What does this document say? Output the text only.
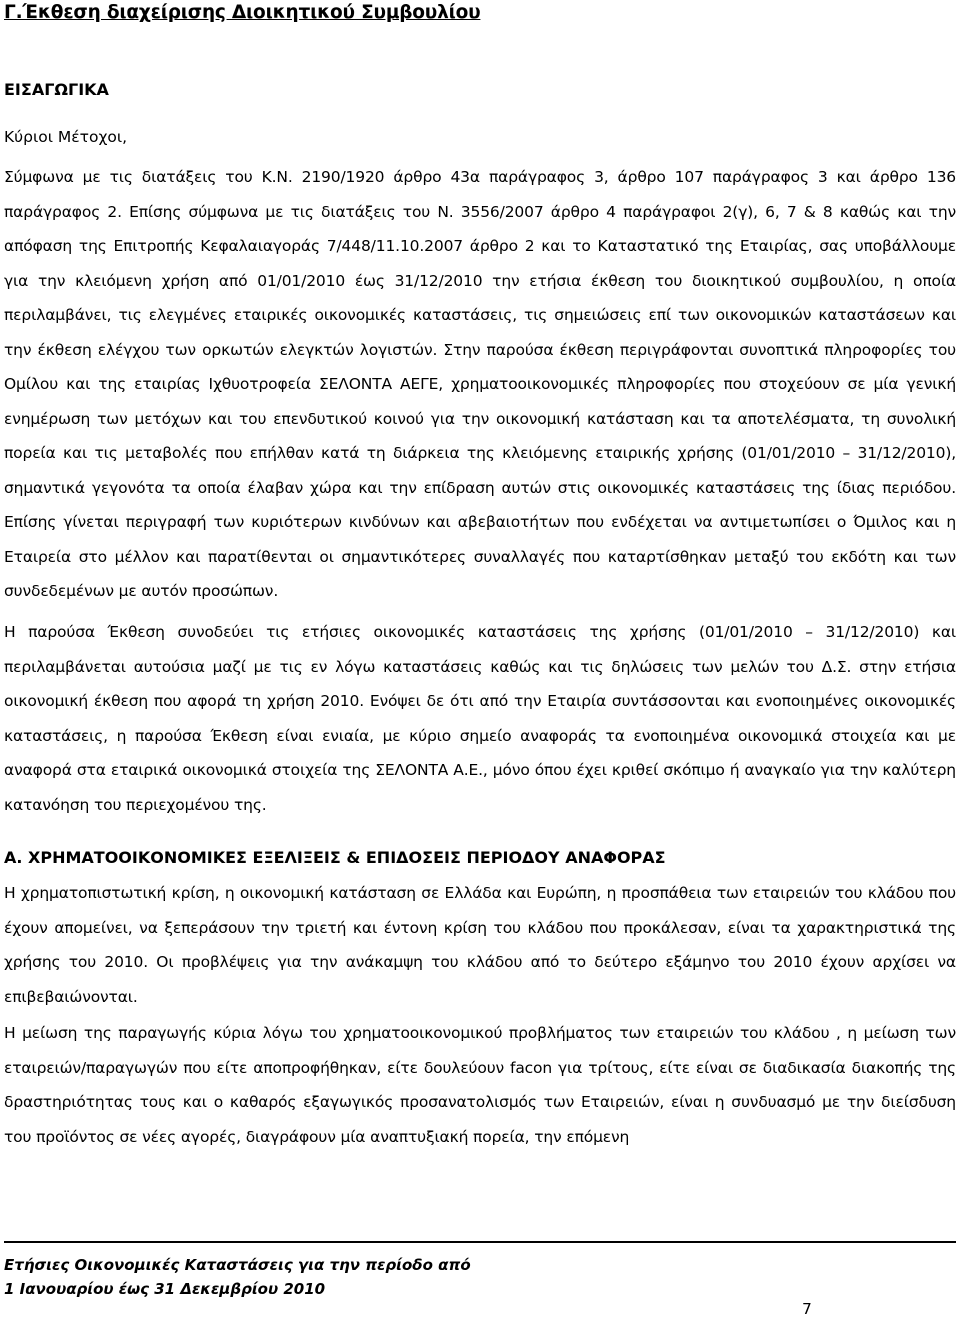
Γ.Έκθεση διαχείρισης Διοικητικού Συμβουλίου
ΕΙΣΑΓΩΓΙΚΑ
Κύριοι Μέτοχοι,

Σύμφωνα με τις διατάξεις του Κ.Ν. 2190/1920 άρθρο 43α παράγραφος 3, άρθρο 107 παράγραφος 3 και άρθρο 136 παράγραφος 2. Επίσης σύμφωνα με τις διατάξεις του Ν. 3556/2007 άρθρο 4 παράγραφοι 2(γ), 6, 7 & 8 καθώς και την απόφαση της Επιτροπής Κεφαλαιαγοράς 7/448/11.10.2007 άρθρο 2 και το Καταστατικό της Εταιρίας, σας υποβάλλουμε για την κλειόμενη χρήση από 01/01/2010 έως 31/12/2010 την ετήσια έκθεση του διοικητικού συμβουλίου, η οποία περιλαμβάνει, τις ελεγμένες εταιρικές οικονομικές καταστάσεις, τις σημειώσεις επί των οικονομικών καταστάσεων και την έκθεση ελέγχου των ορκωτών ελεγκτών λογιστών. Στην παρούσα έκθεση περιγράφονται συνοπτικά πληροφορίες του Ομίλου και της εταιρίας Ιχθυοτροφεία ΣΕΛΟΝΤΑ ΑΕΓΕ, χρηματοοικονομικές πληροφορίες που στοχεύουν σε μία γενική ενημέρωση των μετόχων και του επενδυτικού κοινού για την οικονομική κατάσταση και τα αποτελέσματα, τη συνολική πορεία και τις μεταβολές που επήλθαν κατά τη διάρκεια της κλειόμενης εταιρικής χρήσης (01/01/2010 – 31/12/2010), σημαντικά γεγονότα τα οποία έλαβαν χώρα και την επίδραση αυτών στις οικονομικές καταστάσεις της ίδιας περιόδου. Επίσης γίνεται περιγραφή των κυριότερων κινδύνων και αβεβαιοτήτων που ενδέχεται να αντιμετωπίσει ο Όμιλος και η Εταιρεία στο μέλλον και παρατίθενται οι σημαντικότερες συναλλαγές που καταρτίσθηκαν μεταξύ του εκδότη και των συνδεδεμένων με αυτόν προσώπων.

Η παρούσα Έκθεση συνοδεύει τις ετήσιες οικονομικές καταστάσεις της χρήσης (01/01/2010 – 31/12/2010) και περιλαμβάνεται αυτούσια μαζί με τις εν λόγω καταστάσεις καθώς και τις δηλώσεις των μελών του Δ.Σ. στην ετήσια οικονομική έκθεση που αφορά τη χρήση 2010. Ενόψει δε ότι από την Εταιρία συντάσσονται και ενοποιημένες οικονομικές καταστάσεις, η παρούσα Έκθεση είναι ενιαία, με κύριο σημείο αναφοράς τα ενοποιημένα οικονομικά στοιχεία και με αναφορά στα εταιρικά οικονομικά στοιχεία της ΣΕΛΟΝΤΑ Α.Ε., μόνο όπου έχει κριθεί σκόπιμο ή αναγκαίο για την καλύτερη κατανόηση του περιεχομένου της.

Α. ΧΡΗΜΑΤΟΟΙΚΟΝΟΜΙΚΕΣ ΕΞΕΛΙΞΕΙΣ & ΕΠΙΔΟΣΕΙΣ ΠΕΡΙΟΔΟΥ ΑΝΑΦΟΡΑΣ

Η χρηματοπιστωτική κρίση, η οικονομική κατάσταση σε Ελλάδα και Ευρώπη, η προσπάθεια των εταιρειών του κλάδου που έχουν απομείνει, να ξεπεράσουν την τριετή και έντονη κρίση του κλάδου που προκάλεσαν, είναι τα χαρακτηριστικά της χρήσης του 2010. Οι προβλέψεις για την ανάκαμψη του κλάδου από το δεύτερο εξάμηνο του 2010 έχουν αρχίσει να επιβεβαιώνονται.

Η μείωση της παραγωγής κύρια λόγω του χρηματοοικονομικού προβλήματος των εταιρειών του κλάδου , η μείωση των εταιρειών/παραγωγών που είτε αποπροφήθηκαν, είτε δουλεύουν facon για τρίτους, είτε είναι σε διαδικασία διακοπής της δραστηριότητας τους και ο καθαρός εξαγωγικός προσανατολισμός των Εταιρειών, είναι η συνδυασμό με την διείσδυση του προϊόντος σε νέες αγορές, διαγράφουν μία αναπτυξιακή πορεία, την επόμενη

Ετήσιες Οικονομικές Καταστάσεις για την περίοδο από
1 Ιανουαρίου έως 31 Δεκεμβρίου 2010
7
